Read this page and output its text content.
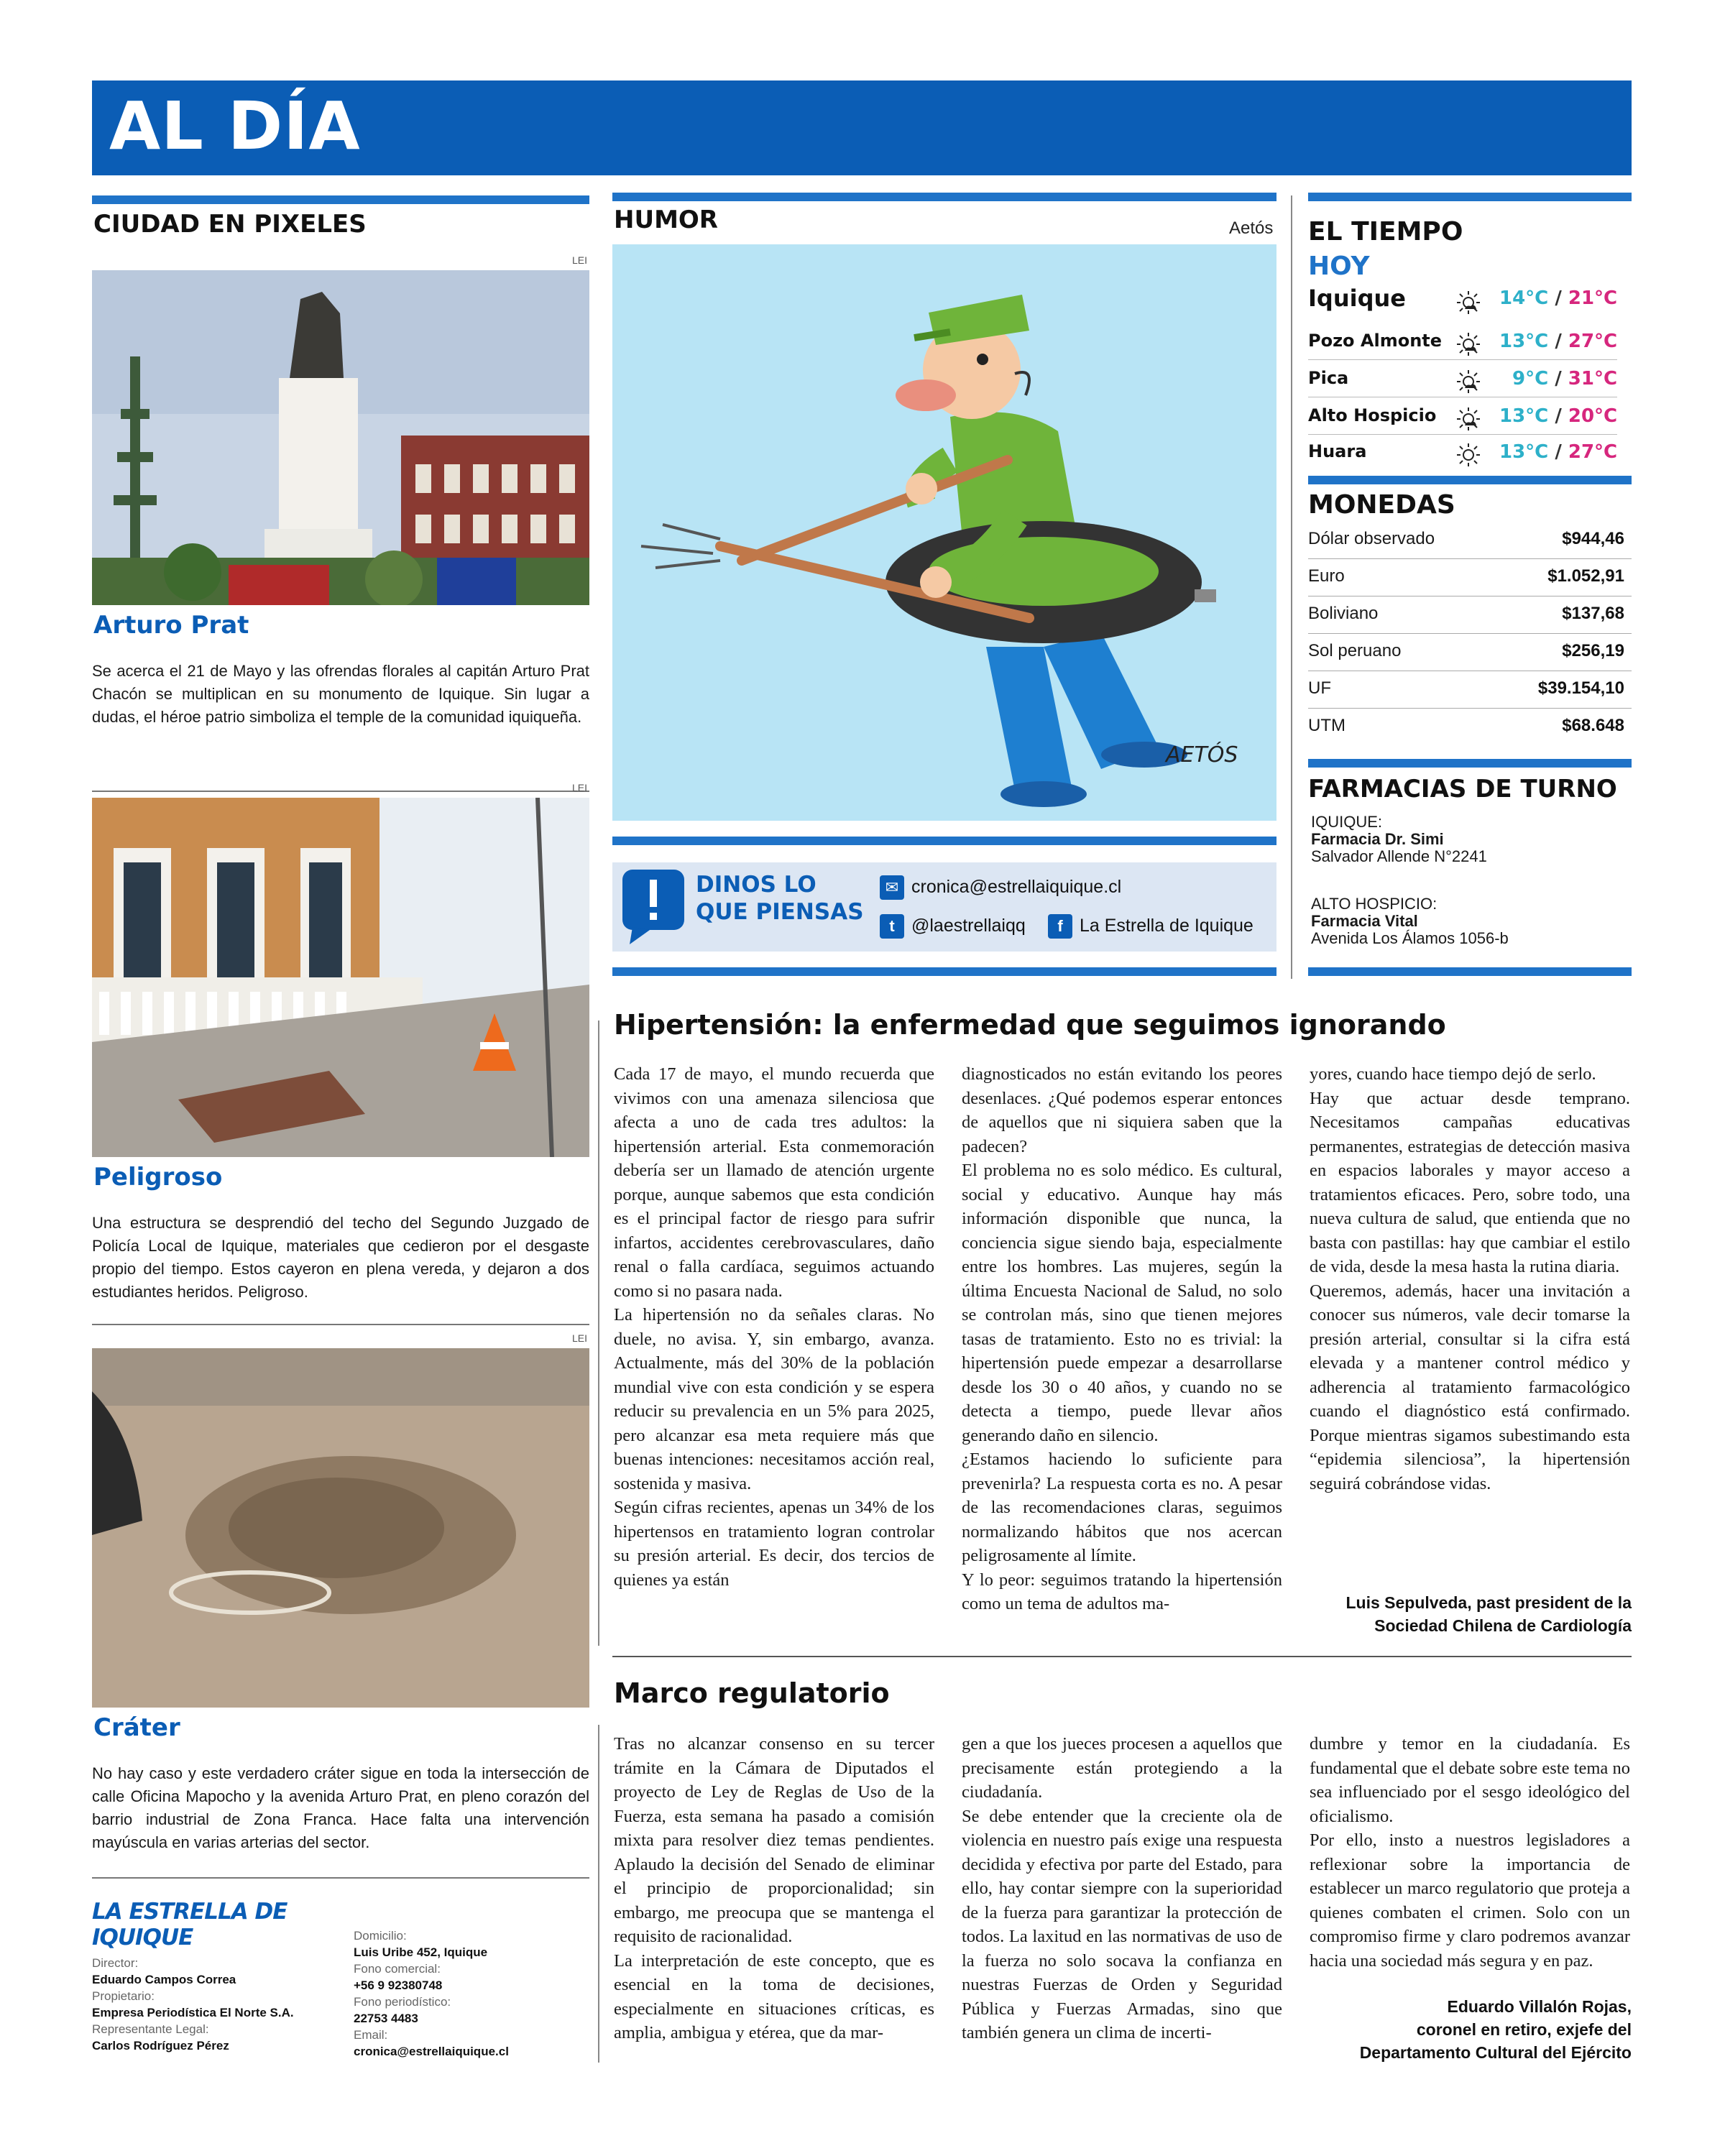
AL DÍA
CIUDAD EN PIXELES
LEI
Arturo Prat
Se acerca el 21 de Mayo y las ofrendas florales al capitán Arturo Prat Chacón se multiplican en su monumento de Iquique. Sin lugar a dudas, el héroe patrio simboliza el temple de la comunidad iquiqueña.
LEI
Peligroso
Una estructura se desprendió del techo del Segundo Juzgado de Policía Local de Iquique, materiales que cedieron por el desgaste propio del tiempo. Estos cayeron en plena vereda, y dejaron a dos estudiantes heridos. Peligroso.
LEI
Cráter
No hay caso y este verdadero cráter sigue en toda la intersección de calle Oficina Mapocho y la avenida Arturo Prat, en pleno corazón del barrio industrial de Zona Franca. Hace falta una intervención mayúscula en varias arterias del sector.
LA ESTRELLA DE IQUIQUE
Director:
Eduardo Campos Correa
Propietario:
Empresa Periodística El Norte S.A.
Representante Legal:
Carlos Rodríguez Pérez
Domicilio:
Luis Uribe 452, Iquique
Fono comercial:
+56 9 92380748
Fono periodístico:
22753 4483
Email:
cronica@estrellaiquique.cl
HUMOR	Aetós
AETÓS
DINOS LO
QUE PIENSAS
✉ cronica@estrellaiquique.cl
t @laestrellaiqq	f La Estrella de Iquique
EL TIEMPO
HOY
Iquique	14°C / 21°C
Pozo Almonte	13°C / 27°C
Pica	9°C / 31°C
Alto Hospicio	13°C / 20°C
Huara	13°C / 27°C
MONEDAS
Dólar observado	$944,46
Euro	$1.052,91
Boliviano	$137,68
Sol peruano	$256,19
UF	$39.154,10
UTM	$68.648
FARMACIAS DE TURNO
IQUIQUE:
Farmacia Dr. Simi
Salvador Allende N°2241
ALTO HOSPICIO:
Farmacia Vital
Avenida Los Álamos 1056-b
Hipertensión: la enfermedad que seguimos ignorando
Cada 17 de mayo, el mundo recuerda que vivimos con una amenaza silenciosa que afecta a uno de cada tres adultos: la hipertensión arterial. Esta conmemoración debería ser un llamado de atención urgente porque, aunque sabemos que esta condición es el principal factor de riesgo para sufrir infartos, accidentes cerebrovasculares, daño renal o falla cardíaca, seguimos actuando como si no pasara nada.
La hipertensión no da señales claras. No duele, no avisa. Y, sin embargo, avanza. Actualmente, más del 30% de la población mundial vive con esta condición y se espera reducir su prevalencia en un 5% para 2025, pero alcanzar esa meta requiere más que buenas intenciones: necesitamos acción real, sostenida y masiva.
Según cifras recientes, apenas un 34% de los hipertensos en tratamiento logran controlar su presión arterial. Es decir, dos tercios de quienes ya están
diagnosticados no están evitando los peores desenlaces. ¿Qué podemos esperar entonces de aquellos que ni siquiera saben que la padecen?
El problema no es solo médico. Es cultural, social y educativo. Aunque hay más información disponible que nunca, la conciencia sigue siendo baja, especialmente entre los hombres. Las mujeres, según la última Encuesta Nacional de Salud, no solo se controlan más, sino que tienen mejores tasas de tratamiento. Esto no es trivial: la hipertensión puede empezar a desarrollarse desde los 30 o 40 años, y cuando no se detecta a tiempo, puede llevar años generando daño en silencio.
¿Estamos haciendo lo suficiente para prevenirla? La respuesta corta es no. A pesar de las recomendaciones claras, seguimos normalizando hábitos que nos acercan peligrosamente al límite.
Y lo peor: seguimos tratando la hipertensión como un tema de adultos ma-
yores, cuando hace tiempo dejó de serlo.
Hay que actuar desde temprano. Necesitamos campañas educativas permanentes, estrategias de detección masiva en espacios laborales y mayor acceso a tratamientos eficaces. Pero, sobre todo, una nueva cultura de salud, que entienda que no basta con pastillas: hay que cambiar el estilo de vida, desde la mesa hasta la rutina diaria.
Queremos, además, hacer una invitación a conocer sus números, vale decir tomarse la presión arterial, consultar si la cifra está elevada y a mantener control médico y adherencia al tratamiento farmacológico cuando el diagnóstico está confirmado. Porque mientras sigamos subestimando esta “epidemia silenciosa”, la hipertensión seguirá cobrándose vidas.
Luis Sepulveda, past president de la
Sociedad Chilena de Cardiología
Marco regulatorio
Tras no alcanzar consenso en su tercer trámite en la Cámara de Diputados el proyecto de Ley de Reglas de Uso de la Fuerza, esta semana ha pasado a comisión mixta para resolver diez temas pendientes. Aplaudo la decisión del Senado de eliminar el principio de proporcionalidad; sin embargo, me preocupa que se mantenga el requisito de racionalidad.
La interpretación de este concepto, que es esencial en la toma de decisiones, especialmente en situaciones críticas, es amplia, ambigua y etérea, que da mar-
gen a que los jueces procesen a aquellos que precisamente están protegiendo a la ciudadanía.
Se debe entender que la creciente ola de violencia en nuestro país exige una respuesta decidida y efectiva por parte del Estado, para ello, hay contar siempre con la superioridad de la fuerza para garantizar la protección de todos. La laxitud en las normativas de uso de la fuerza no solo socava la confianza en nuestras Fuerzas de Orden y Seguridad Pública y Fuerzas Armadas, sino que también genera un clima de incerti-
dumbre y temor en la ciudadanía. Es fundamental que el debate sobre este tema no sea influenciado por el sesgo ideológico del oficialismo.
Por ello, insto a nuestros legisladores a reflexionar sobre la importancia de establecer un marco regulatorio que proteja a quienes combaten el crimen. Solo con un compromiso firme y claro podremos avanzar hacia una sociedad más segura y en paz.
Eduardo Villalón Rojas,
coronel en retiro, exjefe del
Departamento Cultural del Ejército
